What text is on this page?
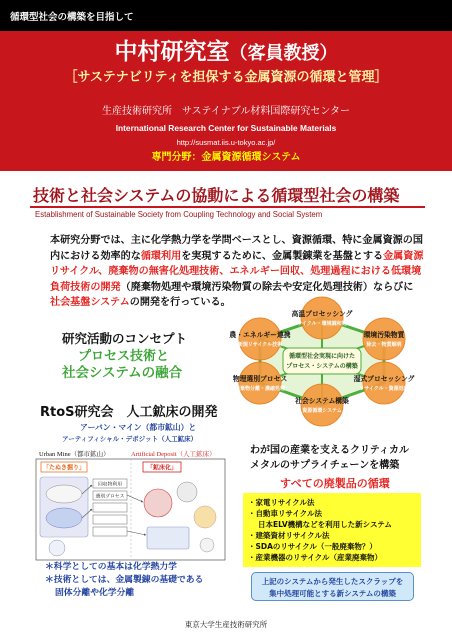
循環型社会の構築を目指して
中村研究室（客員教授）
［サステナビリティを担保する金属資源の循環と管理］
生産技術研究所　サステイナブル材料国際研究センター
International Research Center for Sustainable Materials
http://susmat.iis.u-tokyo.ac.jp/
専門分野：金属資源循環システム
技術と社会システムの協動による循環型社会の構築
Establishment of Sustainable Society from Coupling Technology and Social System
本研究分野では、主に化学熱力学を学問ベースとし、資源循環、特に金属資源の国
内における効率的な循環利用を実現するために、金属製錬業を基盤とする金属資源
リサイクル、廃棄物の無害化処理技術、エネルギー回収、処理過程における低環境
負荷技術の開発（廃棄物処理や環境汚染物質の除去や安定化処理技術）ならびに
社会基盤システムの開発を行っている。
研究活動のコンセプト
プロセス技術と
社会システムの融合
循環型社会実現に向けた
プロセス・システムの構築
高温プロセッシング
リサイクル・環境調和処理
農・エネルギー連携
新規リサイクル技術
環境汚染物質
除去・物質解明
物理選別プロセス
廃棄物分離・濃縮処理
湿式プロセッシング
リサイクル・資源処理
社会システム構築
資源循環システム
RtoS研究会　人工鉱床の開発
アーバン・マイン（都市鉱山）と
アーティフィシャル・デポジット（人工鉱床）
Urban Mine（都市鉱山）	Artificial Deposit（人工鉱床）
「たぬき掘り」	「鉱床化」
回収物利用
選別プロセス
＊科学としての基本は化学熱力学
＊技術としては、金属製錬の基礎である
固体分離や化学分離
わが国の産業を支えるクリティカル
メタルのサプライチェーンを構築
すべての廃製品の循環
・家電リサイクル法
・自動車リサイクル法
日本ELV機構などを利用した新システム
・建築資材リサイクル法
・SDAのリサイクル（一般廃棄物？）
・産業機器のリサイクル（産業廃棄物）
上記のシステムから発生したスクラップを
集中処理可能とする新システムの構築
東京大学生産技術研究所
